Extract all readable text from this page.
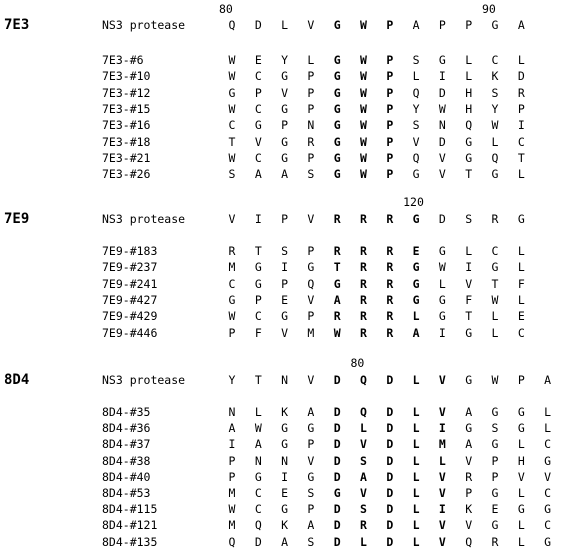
80	90
7E3	NS3 protease	Q	D	L	V	G	W	P	A	P	P	G	A
7E3-#6	W	E	Y	L	G	W	P	S	G	L	C	L
7E3-#10	W	C	G	P	G	W	P	L	I	L	K	D
7E3-#12	G	P	V	P	G	W	P	Q	D	H	S	R
7E3-#15	W	C	G	P	G	W	P	Y	W	H	Y	P
7E3-#16	C	G	P	N	G	W	P	S	N	Q	W	I
7E3-#18	T	V	G	R	G	W	P	V	D	G	L	C
7E3-#21	W	C	G	P	G	W	P	Q	V	G	Q	T
7E3-#26	S	A	A	S	G	W	P	G	V	T	G	L
120
7E9	NS3 protease	V	I	P	V	R	R	R	G	D	S	R	G
7E9-#183	R	T	S	P	R	R	R	E	G	L	C	L
7E9-#237	M	G	I	G	T	R	R	G	W	I	G	L
7E9-#241	C	G	P	Q	G	R	R	G	L	V	T	F
7E9-#427	G	P	E	V	A	R	R	G	G	F	W	L
7E9-#429	W	C	G	P	R	R	R	L	G	T	L	E
7E9-#446	P	F	V	M	W	R	R	A	I	G	L	C
80
8D4	NS3 protease	Y	T	N	V	D	Q	D	L	V	G	W	P	A
8D4-#35	N	L	K	A	D	Q	D	L	V	A	G	G	L
8D4-#36	A	W	G	G	D	L	D	L	I	G	S	G	L
8D4-#37	I	A	G	P	D	V	D	L	M	A	G	L	C
8D4-#38	P	N	N	V	D	S	D	L	L	V	P	H	G
8D4-#40	P	G	I	G	D	A	D	L	V	R	P	V	V
8D4-#53	M	C	E	S	G	V	D	L	V	P	G	L	C
8D4-#115	W	C	G	P	D	S	D	L	I	K	E	G	G
8D4-#121	M	Q	K	A	D	R	D	L	V	V	G	L	C
8D4-#135	Q	D	A	S	D	L	D	L	V	Q	R	L	G
